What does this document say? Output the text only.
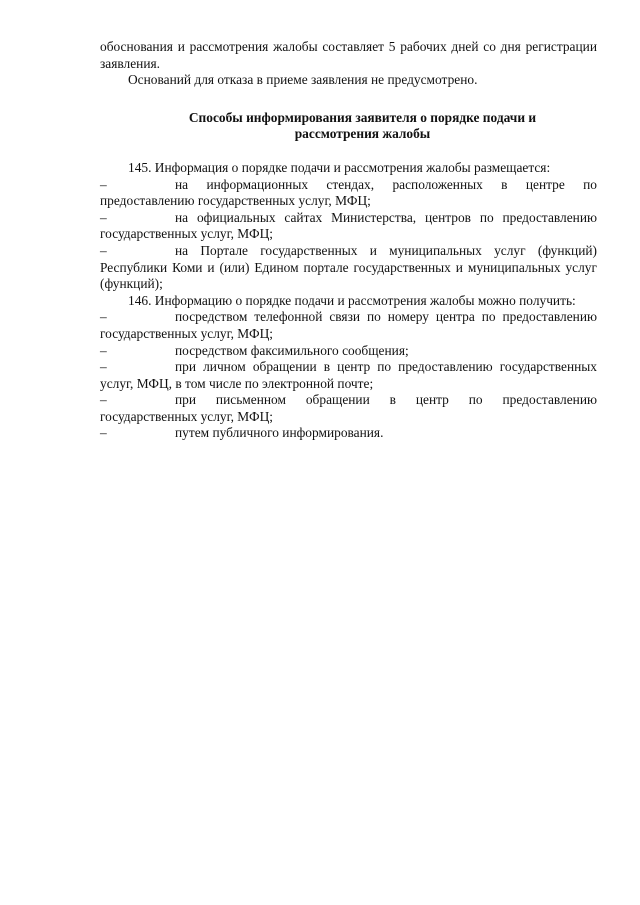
обоснования и рассмотрения жалобы составляет 5 рабочих дней со дня регистрации заявления.

Оснований для отказа в приеме заявления не предусмотрено.

Способы информирования заявителя о порядке подачи и
рассмотрения жалобы

145. Информация о порядке подачи и рассмотрения жалобы размещается:

–	на информационных стендах, расположенных в центре по предоставлению государственных услуг, МФЦ;

–	на официальных сайтах Министерства, центров по предоставлению государственных услуг, МФЦ;

–	на Портале государственных и муниципальных услуг (функций) Республики Коми и (или) Едином портале государственных и муниципальных услуг (функций);

146. Информацию о порядке подачи и рассмотрения жалобы можно получить:

–	посредством телефонной связи по номеру центра по предоставлению государственных услуг, МФЦ;

–	посредством факсимильного сообщения;

–	при личном обращении в центр по предоставлению государственных услуг, МФЦ, в том числе по электронной почте;

–	при письменном обращении в центр по предоставлению государственных услуг, МФЦ;

–	путем публичного информирования.
